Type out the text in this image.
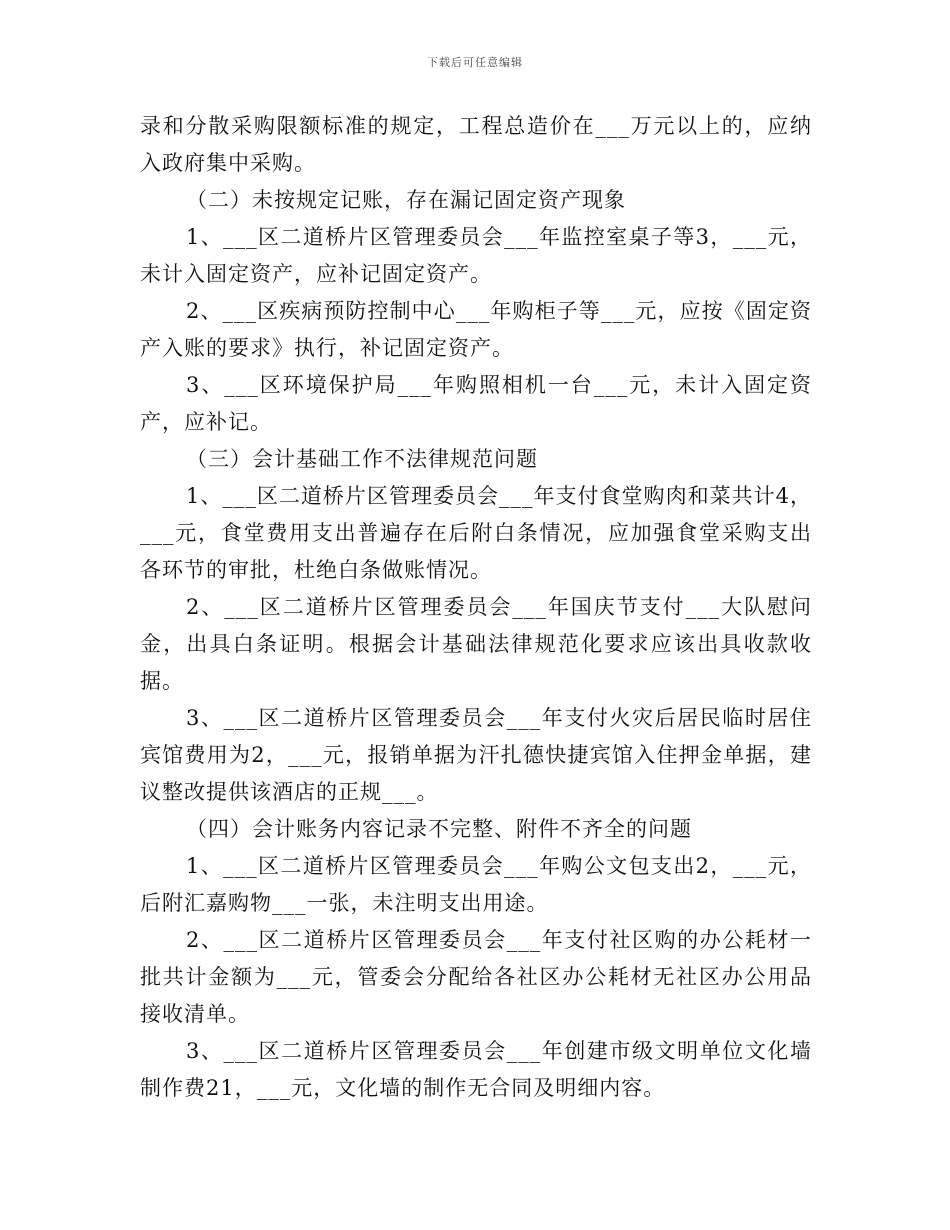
下载后可任意编辑

录和分散采购限额标准的规定，工程总造价在___万元以上的，应纳入政府集中采购。

（二）未按规定记账，存在漏记固定资产现象

1、___区二道桥片区管理委员会___年监控室桌子等3，___元，未计入固定资产，应补记固定资产。

2、___区疾病预防控制中心___年购柜子等___元，应按《固定资产入账的要求》执行，补记固定资产。

3、___区环境保护局___年购照相机一台___元，未计入固定资产，应补记。

（三）会计基础工作不法律规范问题

1、___区二道桥片区管理委员会___年支付食堂购肉和菜共计4，___元，食堂费用支出普遍存在后附白条情况，应加强食堂采购支出各环节的审批，杜绝白条做账情况。

2、___区二道桥片区管理委员会___年国庆节支付___大队慰问金，出具白条证明。根据会计基础法律规范化要求应该出具收款收据。

3、___区二道桥片区管理委员会___年支付火灾后居民临时居住宾馆费用为2，___元，报销单据为汗扎德快捷宾馆入住押金单据，建议整改提供该酒店的正规___。

（四）会计账务内容记录不完整、附件不齐全的问题

1、___区二道桥片区管理委员会___年购公文包支出2，___元，后附汇嘉购物___一张，未注明支出用途。

2、___区二道桥片区管理委员会___年支付社区购的办公耗材一批共计金额为___元，管委会分配给各社区办公耗材无社区办公用品接收清单。

3、___区二道桥片区管理委员会___年创建市级文明单位文化墙制作费21，___元，文化墙的制作无合同及明细内容。
